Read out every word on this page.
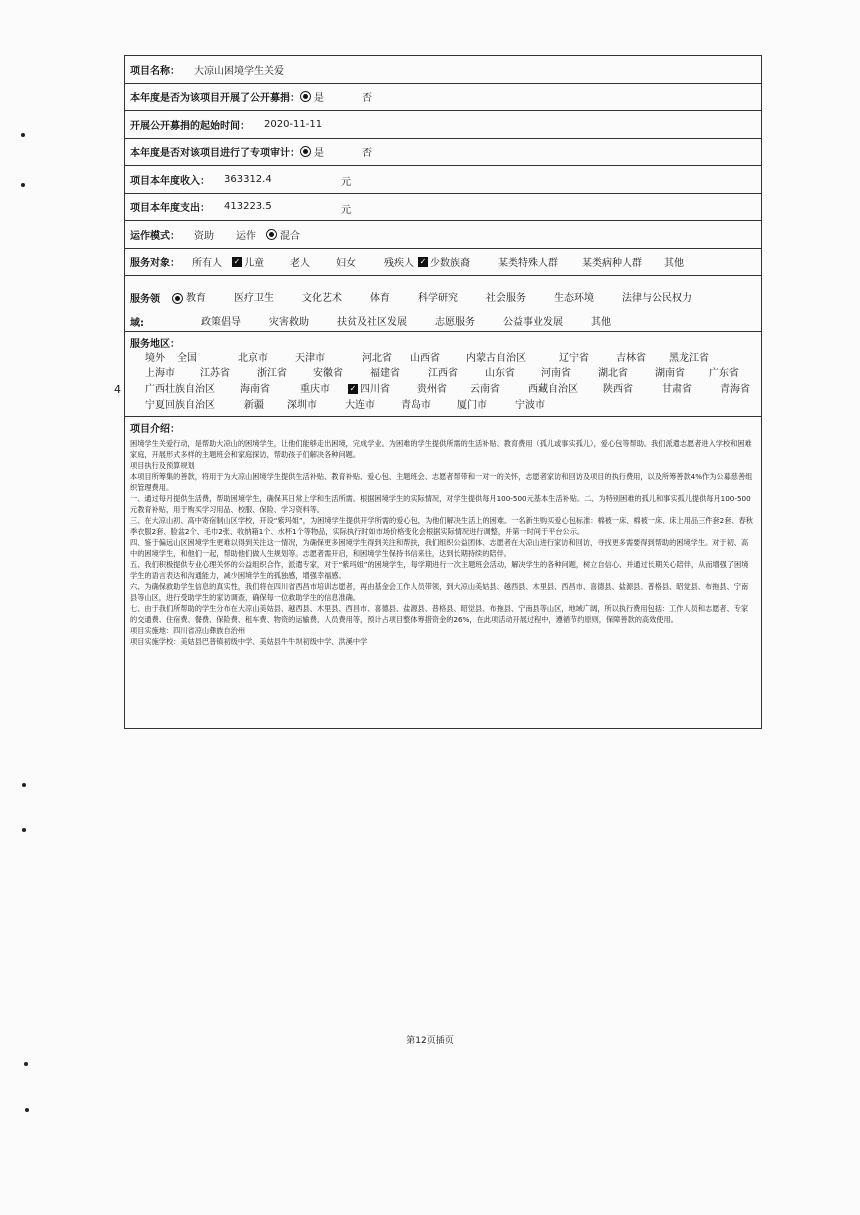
4
项目名称： 大凉山困境学生关爱
本年度是否为该项目开展了公开募捐： 是	否
开展公开募捐的起始时间： 2020-11-11
本年度是否对该项目进行了专项审计： 是	否
项目本年度收入： 363312.4	元
项目本年度支出： 413223.5	元
运作模式： 资助 运作 混合
服务对象： 所有人 ✓ 儿童	老人	妇女	残疾人 ✓ 少数族裔	某类特殊人群 某类病种人群 其他
服务领
域:
教育	医疗卫生	文化艺术	体育	科学研究	社会服务	生态环境	法律与公民权力
政策倡导	灾害救助	扶贫及社区发展	志愿服务	公益事业发展	其他
服务地区：
境外 全国	北京市	天津市	河北省 山西省	内蒙古自治区	辽宁省	吉林省 黑龙江省
上海市	江苏省	浙江省	安徽省	福建省	江西省	山东省	河南省	湖北省	湖南省 广东省
广西壮族自治区	海南省	重庆市 ✓ 四川省	贵州省 云南省	西藏自治区	陕西省	甘肃省	青海省
宁夏回族自治区	新疆 深圳市	大连市	青岛市	厦门市	宁波市
项目介绍：

困境学生关爱行动，是帮助大凉山的困境学生，让他们能够走出困境，完成学业。为困难的学生提供所需的生活补贴、教育费用（孤儿或事实孤儿），爱心包等帮助。我们派遣志愿者进入学校和困难家庭，开展形式多样的主题班会和家庭探访，帮助孩子们解决各种问题。

项目执行及预算规划

本项目所筹集的善款，将用于为大凉山困境学生提供生活补贴、教育补贴、爱心包、主题班会、志愿者帮带和一对一的关怀，志愿者家访和回访及项目的执行费用，以及所筹善款4%作为公募慈善组织管理费用。

一、通过每月提供生活费，帮助困境学生，确保其日常上学和生活所需。根据困境学生的实际情况，对学生提供每月100-500元基本生活补贴。二、为特别困难的孤儿和事实孤儿提供每月100-500元教育补贴，用于购买学习用品、校服、保险、学习资料等。

三、在大凉山初、高中寄宿制山区学校，开设“紫玛姐”，为困境学生提供开学所需的爱心包，为他们解决生活上的困难。一名新生购买爱心包标准：棉被一床、棉被一床、床上用品三件套2套、春秋季衣服2套、脸盆2个、毛巾2张、收纳箱1个、水杯1个等物品，实际执行时如市场价格变化会根据实际情况进行调整，并第一时间于平台公示。

四、鉴于偏远山区困境学生更难以得到关注这一情况，为确保更多困境学生得到关注和帮扶，我们组织公益团体、志愿者在大凉山进行家访和回访，寻找更多需要得到帮助的困境学生。对于初、高中的困境学生，和他们一起，帮助他们做人生规划等。志愿者需开启，和困境学生保持书信来往，达到长期持续的陪伴。

五、我们积极提供专业心理关怀的公益组织合作，派遣专家，对于“紫玛姐”的困境学生，每学期进行一次主题班会活动，解决学生的各种问题，树立自信心、并通过长期关心陪伴，从而增强了困境学生的语言表达和沟通能力，减少困境学生的孤独感，增强幸福感。

六、为确保救助学生信息的真实性，我们将在四川省西昌市培训志愿者，再由基金会工作人员带领，到大凉山美姑县、越西县、木里县、西昌市、喜德县、盐源县、普格县、昭觉县、布拖县、宁南县等山区，进行受助学生的家访调查，确保每一位救助学生的信息准确。

七、由于我们所帮助的学生分布在大凉山美姑县、越西县、木里县、西昌市、喜德县、盐源县、普格县、昭觉县、布拖县、宁南县等山区，地域广阔，所以执行费用包括：工作人员和志愿者、专家的交通费、住宿费、餐费、保险费、租车费、物资的运输费、人员费用等，预计占项目整体筹措资金的26%，在此项活动开展过程中，遵循节约原则，保障善款的高效使用。

项目实施地：四川省凉山彝族自治州

项目实施学校：美姑县巴普镇初级中学、美姑县牛牛坝初级中学、洪溪中学

第12页插页
